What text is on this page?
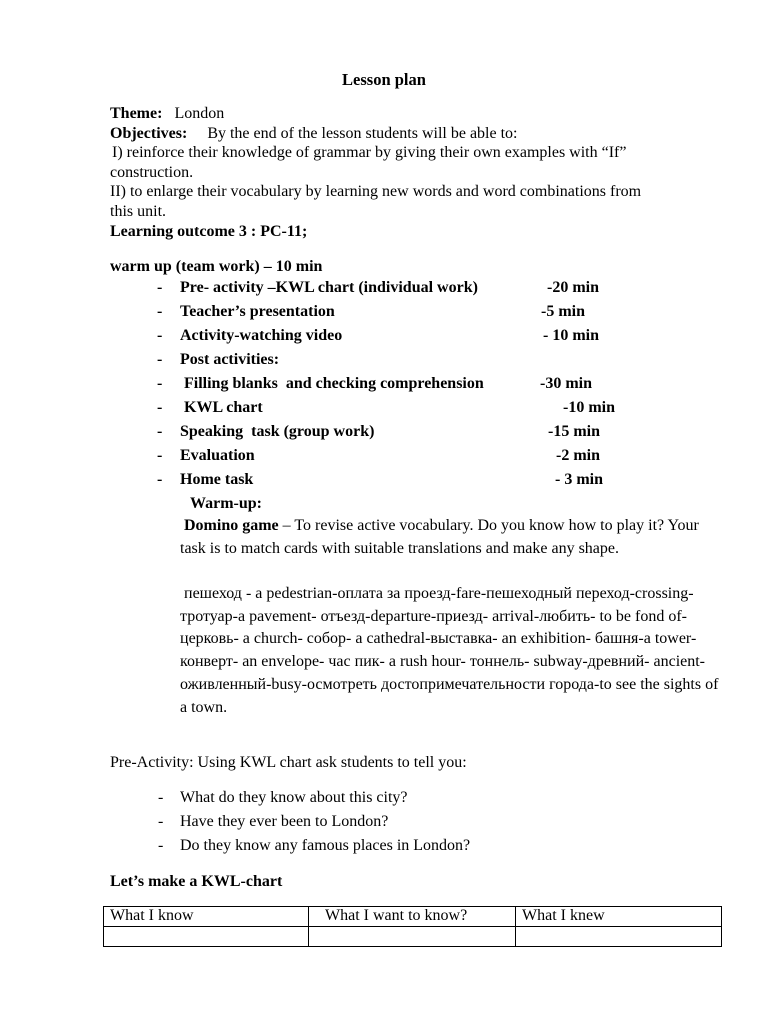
Lesson plan
Theme: London
Objectives: By the end of the lesson students will be able to:
I) reinforce their knowledge of grammar by giving their own examples with “If”
construction.
II) to enlarge their vocabulary by learning new words and word combinations from
this unit.
Learning outcome 3 : PC-11;
warm up (team work) – 10 min
- Pre- activity –KWL chart (individual work)	-20 min
- Teacher’s presentation	-5 min
- Activity-watching video	- 10 min
- Post activities:
- Filling blanks  and checking comprehension	-30 min
- KWL chart	-10 min
- Speaking  task (group work)	-15 min
- Evaluation	-2 min
- Home task	- 3 min
Warm-up:
Domino game – To revise active vocabulary. Do you know how to play it? Your task is to match cards with suitable translations and make any shape.
пешеход - a pedestrian-оплата за проезд-fare-пешеходный переход-crossing-тротуар-a pavement- отъезд-departure-приезд- arrival-любить- to be fond of- церковь- a church- собор- a cathedral-выставка- an exhibition- башня-a tower-конверт- an envelope- час пик- a rush hour- тоннель- subway-древний- ancient-оживленный-busy-осмотреть достопримечательности города-to see the sights of a town.
Pre-Activity: Using KWL chart ask students to tell you:
- What do they know about this city?
- Have they ever been to London?
- Do they know any famous places in London?
Let’s make a KWL-chart
What I know	What I want to know?	What I knew
